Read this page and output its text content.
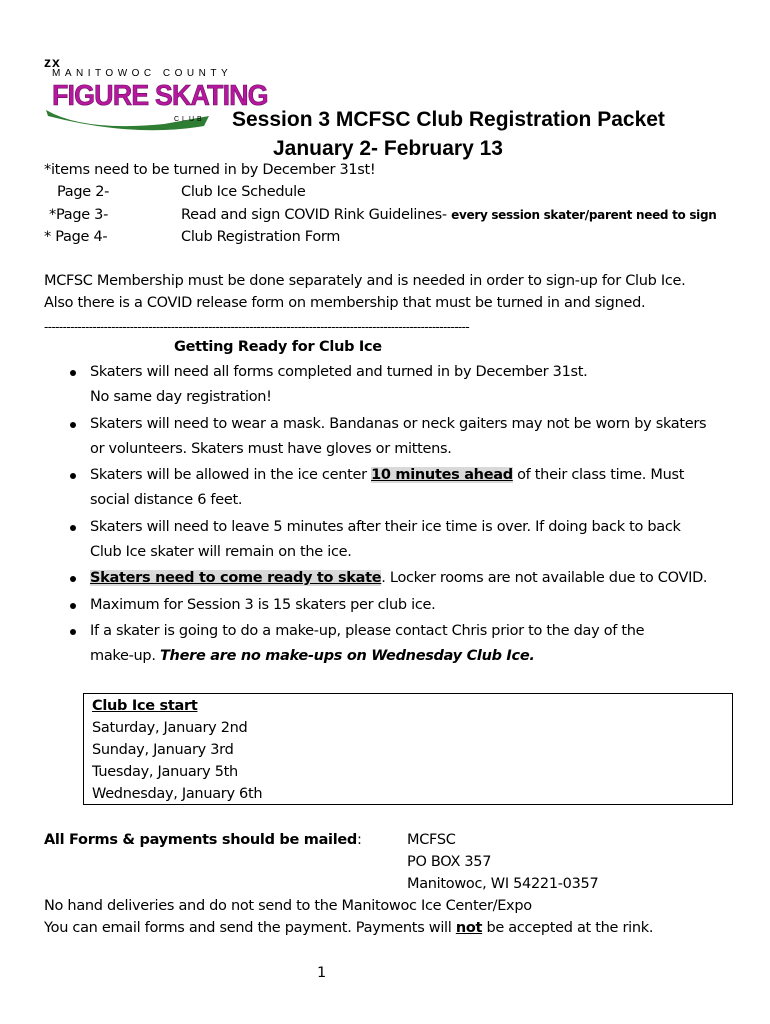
zx
MANITOWOC COUNTY
FIGURE SKATING
CLUB Session 3 MCFSC Club Registration Packet
January 2- February 13
*items need to be turned in by December 31st!
Page 2-	Club Ice Schedule
*Page 3-	Read and sign COVID Rink Guidelines- every session skater/parent need to sign
* Page 4-	Club Registration Form
MCFSC Membership must be done separately and is needed in order to sign-up for Club Ice.
Also there is a COVID release form on membership that must be turned in and signed.
------------------------------------------------------------------------------------------------------------------
Getting Ready for Club Ice
Skaters will need all forms completed and turned in by December 31st.
No same day registration!
Skaters will need to wear a mask. Bandanas or neck gaiters may not be worn by skaters
or volunteers. Skaters must have gloves or mittens.
Skaters will be allowed in the ice center 10 minutes ahead of their class time. Must
social distance 6 feet.
Skaters will need to leave 5 minutes after their ice time is over. If doing back to back
Club Ice skater will remain on the ice.
Skaters need to come ready to skate. Locker rooms are not available due to COVID.
Maximum for Session 3 is 15 skaters per club ice.
If a skater is going to do a make-up, please contact Chris prior to the day of the
make-up. There are no make-ups on Wednesday Club Ice.
Club Ice start
Saturday, January 2nd
Sunday, January 3rd
Tuesday, January 5th
Wednesday, January 6th
All Forms & payments should be mailed:	MCFSC
PO BOX 357
Manitowoc, WI 54221-0357
No hand deliveries and do not send to the Manitowoc Ice Center/Expo
You can email forms and send the payment. Payments will not be accepted at the rink.
1
